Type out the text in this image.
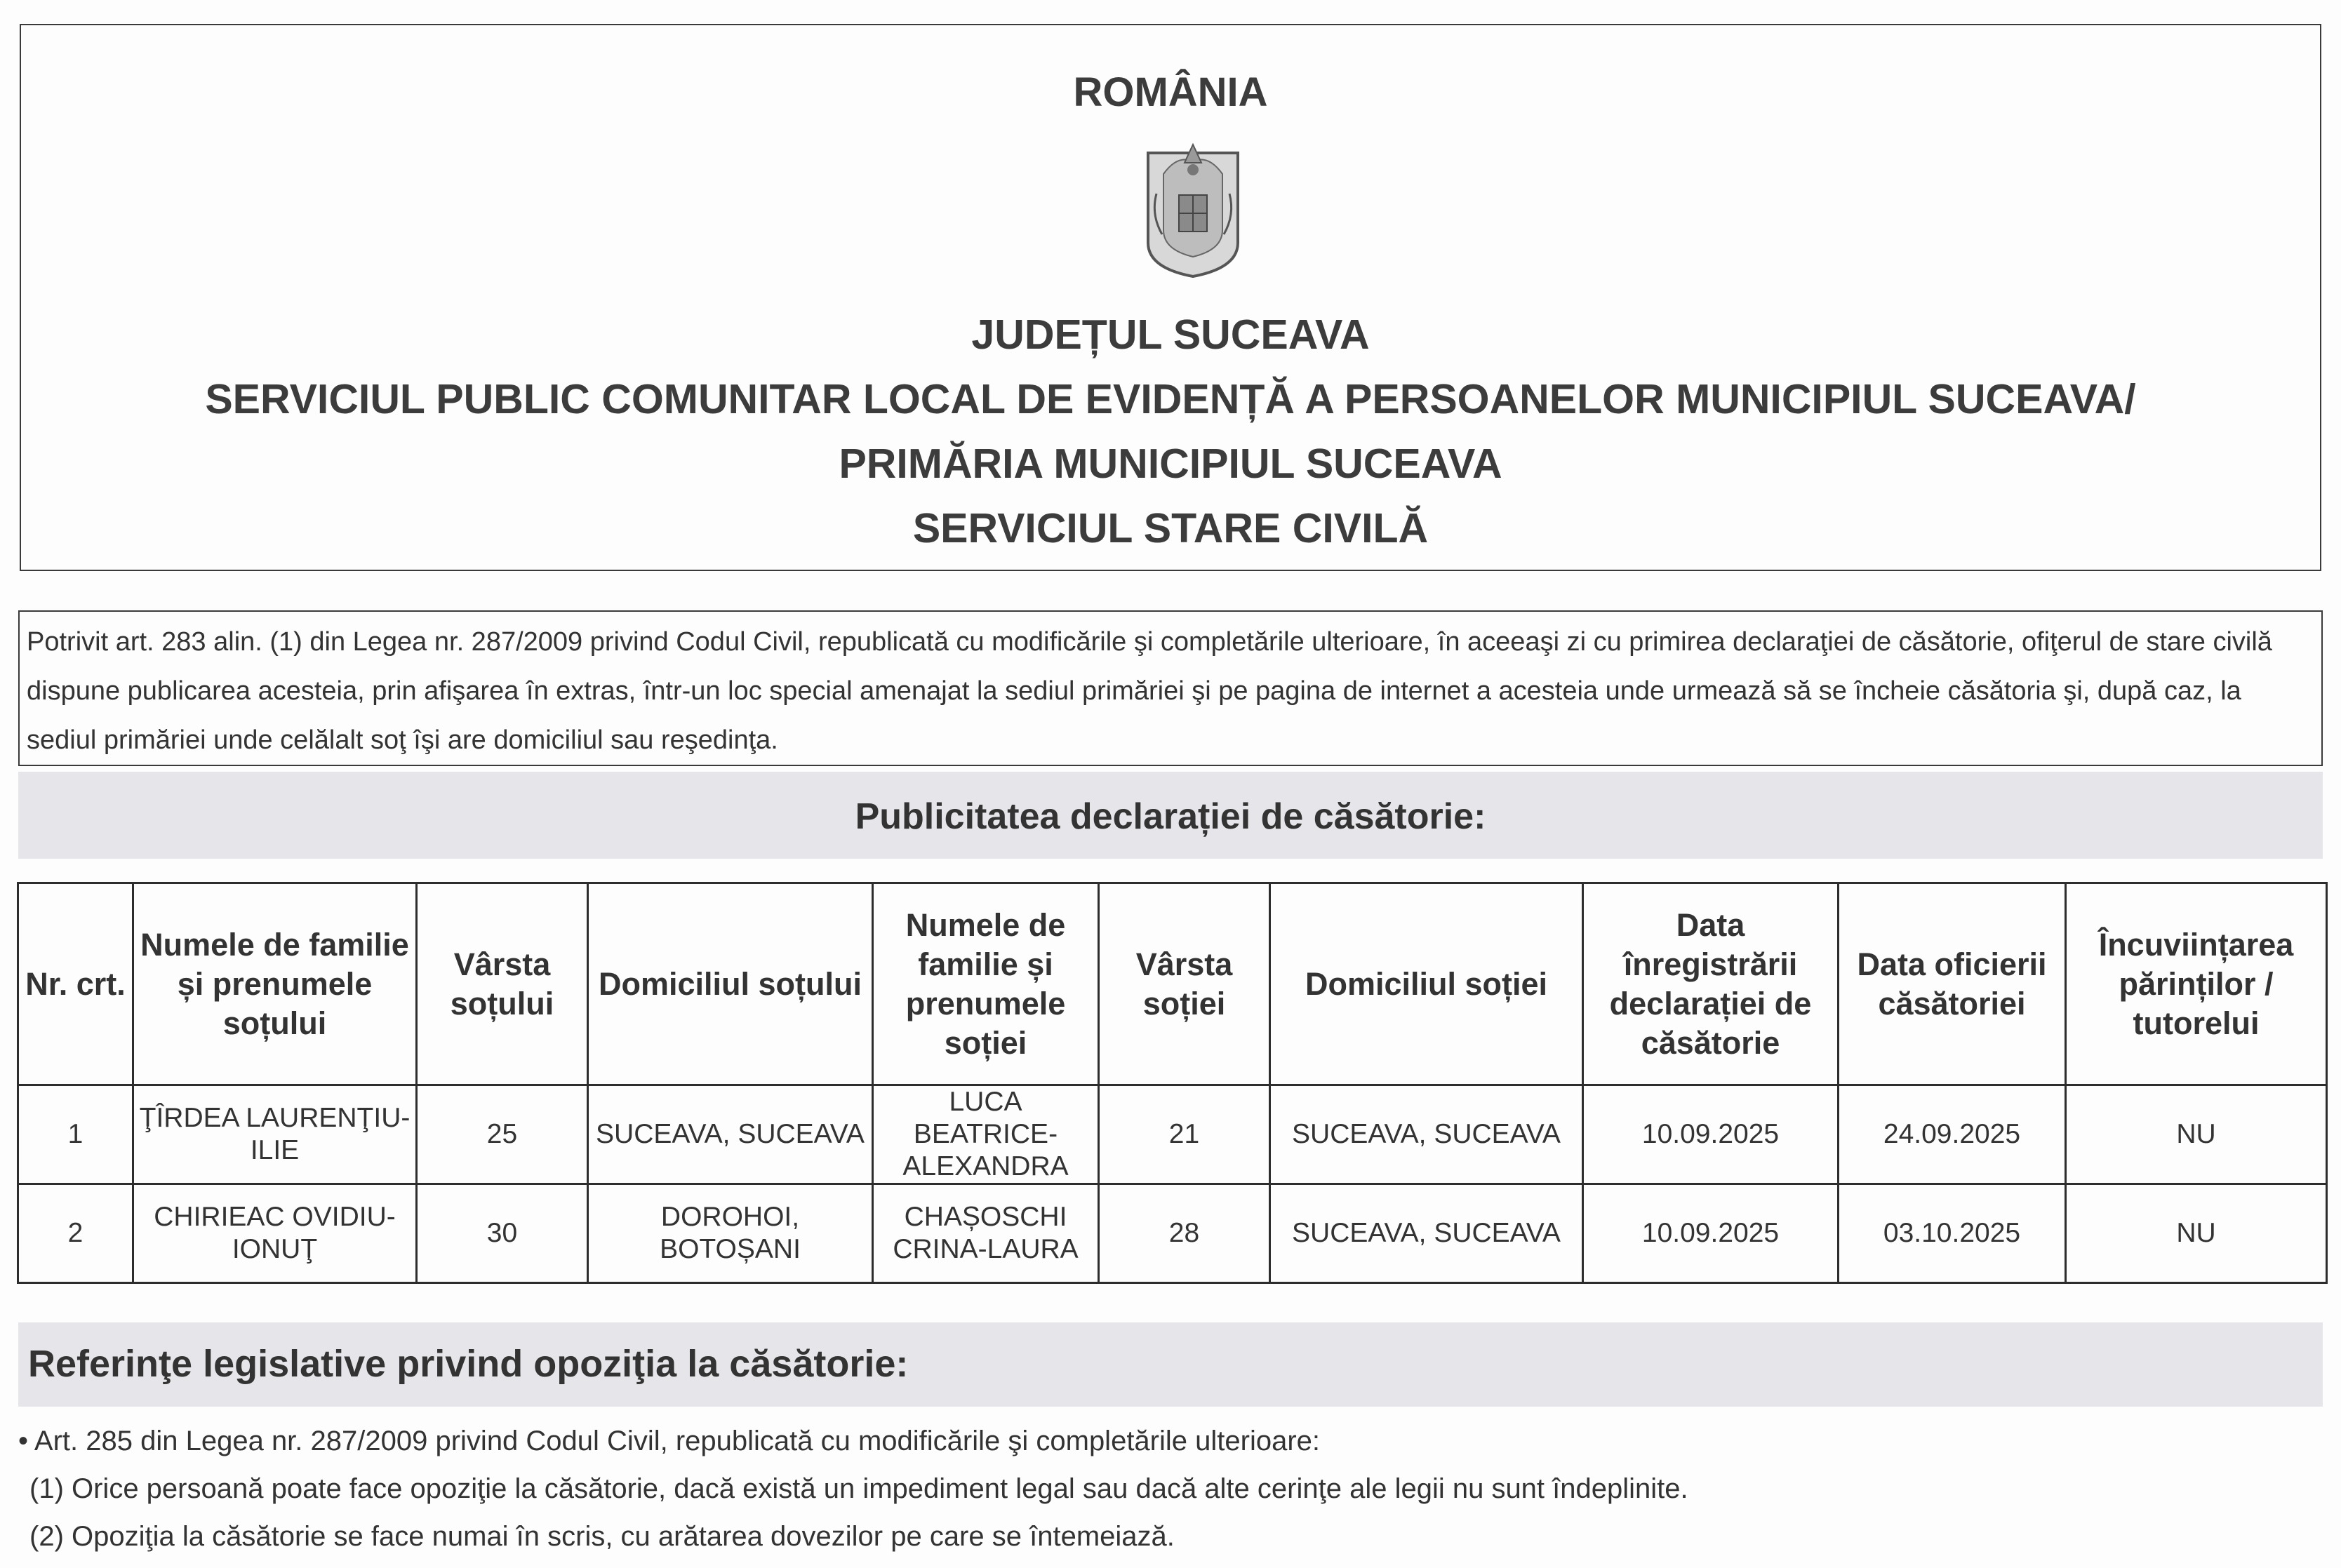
ROMÂNIA
JUDEȚUL SUCEAVA
SERVICIUL PUBLIC COMUNITAR LOCAL DE EVIDENȚĂ A PERSOANELOR MUNICIPIUL SUCEAVA/
PRIMĂRIA MUNICIPIUL SUCEAVA
SERVICIUL STARE CIVILĂ
Potrivit art. 283 alin. (1) din Legea nr. 287/2009 privind Codul Civil, republicată cu modificările şi completările ulterioare, în aceeaşi zi cu primirea declaraţiei de căsătorie, ofiţerul de stare civilă dispune publicarea acesteia, prin afişarea în extras, într-un loc special amenajat la sediul primăriei şi pe pagina de internet a acesteia unde urmează să se încheie căsătoria şi, după caz, la sediul primăriei unde celălalt soţ îşi are domiciliul sau reşedinţa.
Publicitatea declarației de căsătorie:
Nr. crt.	Numele de familie și prenumele soțului	Vârsta soțului	Domiciliul soțului	Numele de familie și prenumele soției	Vârsta soției	Domiciliul soției	Data înregistrării declarației de căsătorie	Data oficierii căsătoriei	Încuviințarea părinților / tutorelui
1	ŢÎRDEA LAURENŢIU-ILIE	25	SUCEAVA, SUCEAVA	LUCA BEATRICE-ALEXANDRA	21	SUCEAVA, SUCEAVA	10.09.2025	24.09.2025	NU
2	CHIRIEAC OVIDIU-IONUŢ	30	DOROHOI, BOTOȘANI	CHAȘOSCHI CRINA-LAURA	28	SUCEAVA, SUCEAVA	10.09.2025	03.10.2025	NU
Referinţe legislative privind opoziţia la căsătorie:
• Art. 285 din Legea nr. 287/2009 privind Codul Civil, republicată cu modificările şi completările ulterioare:
(1) Orice persoană poate face opoziţie la căsătorie, dacă există un impediment legal sau dacă alte cerinţe ale legii nu sunt îndeplinite.
(2) Opoziţia la căsătorie se face numai în scris, cu arătarea dovezilor pe care se întemeiază.
